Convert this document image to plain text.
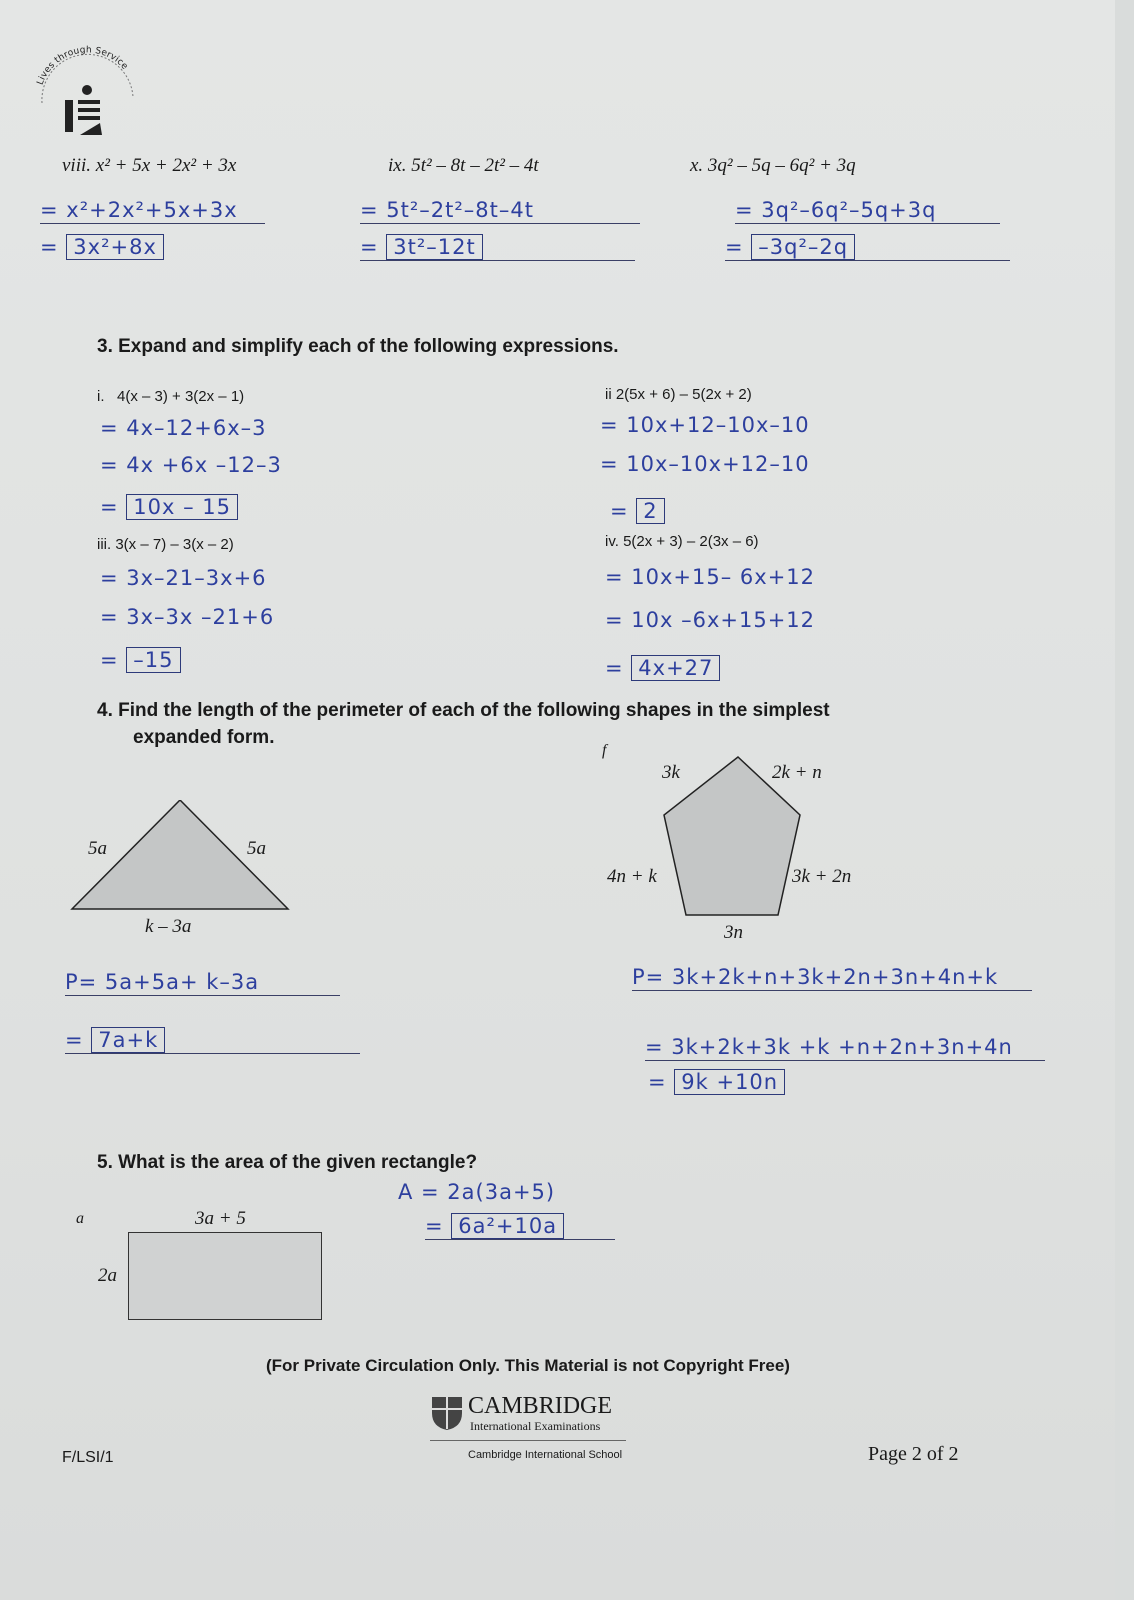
Lives through Service
viii. x² + 5x + 2x² + 3x
= x²+2x²+5x+3x
= 3x²+8x
ix. 5t² – 8t – 2t² – 4t
= 5t²–2t²–8t–4t
= 3t²–12t
x. 3q² – 5q – 6q² + 3q
= 3q²–6q²–5q+3q
= –3q²–2q
3. Expand and simplify each of the following expressions.
i. 4(x – 3) + 3(2x – 1)
= 4x–12+6x–3
= 4x +6x –12–3
= 10x – 15
ii 2(5x + 6) – 5(2x + 2)
= 10x+12–10x–10
= 10x–10x+12–10
= 2
iii. 3(x – 7) – 3(x – 2)
= 3x–21–3x+6
= 3x–3x –21+6
= –15
iv. 5(2x + 3) – 2(3x – 6)
= 10x+15– 6x+12
= 10x –6x+15+12
= 4x+27
4. Find the length of the perimeter of each of the following shapes in the simplest
expanded form.
5a	5a
k – 3a
P= 5a+5a+ k–3a
= 7a+k
f
3k	2k + n
4n + k	3k + 2n
3n
P= 3k+2k+n+3k+2n+3n+4n+k
= 3k+2k+3k +k +n+2n+3n+4n
= 9k +10n
5. What is the area of the given rectangle?
a	3a + 5
2a
A = 2a(3a+5)
= 6a²+10a
(For Private Circulation Only. This Material is not Copyright Free)
CAMBRIDGE
International Examinations
Cambridge International School
F/LSI/1	Page 2 of 2
